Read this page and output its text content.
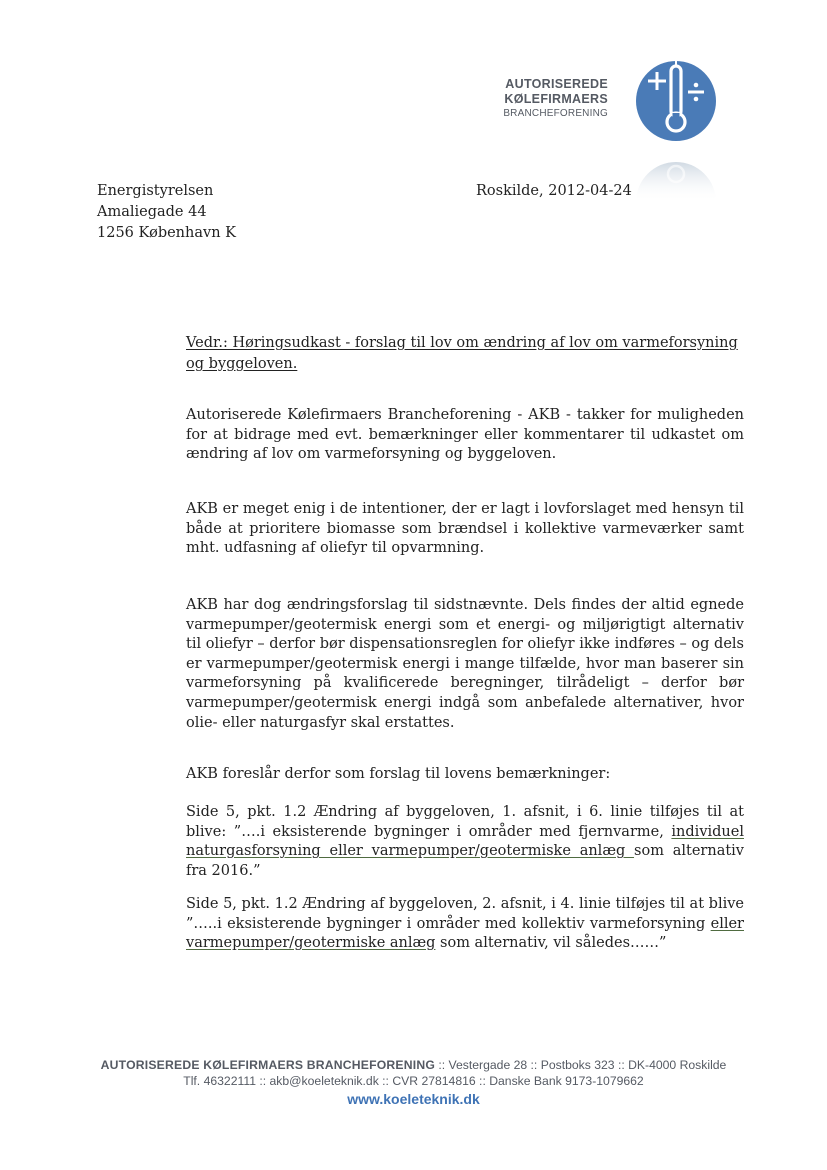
AUTORISEREDE
KØLEFIRMAERS
BRANCHEFORENING
Energistyrelsen
Amaliegade 44
1256 København K
Roskilde, 2012-04-24
Vedr.: Høringsudkast - forslag til lov om ændring af lov om varmeforsyning og byggeloven.
Autoriserede Kølefirmaers Brancheforening - AKB - takker for muligheden for at bidrage med evt. bemærkninger eller kommentarer til udkastet om ændring af lov om varmeforsyning og byggeloven.
AKB er meget enig i de intentioner, der er lagt i lovforslaget med hensyn til både at prioritere biomasse som brændsel i kollektive varmeværker samt mht. udfasning af oliefyr til opvarmning.
AKB har dog ændringsforslag til sidstnævnte. Dels findes der altid egnede varmepumper/geotermisk energi som et energi- og miljørigtigt alternativ til oliefyr – derfor bør dispensationsreglen for oliefyr ikke indføres – og dels er varmepumper/geotermisk energi i mange tilfælde, hvor man baserer sin varmeforsyning på kvalificerede beregninger, tilrådeligt – derfor bør varmepumper/geotermisk energi indgå som anbefalede alternativer, hvor olie- eller naturgasfyr skal erstattes.
AKB foreslår derfor som forslag til lovens bemærkninger:
Side 5, pkt. 1.2 Ændring af byggeloven, 1. afsnit, i 6. linie tilføjes til at blive: ”….i eksisterende bygninger i områder med fjernvarme, individuel naturgasforsyning eller varmepumper/geotermiske anlæg som alternativ fra 2016.”
Side 5, pkt. 1.2 Ændring af byggeloven, 2. afsnit, i 4. linie tilføjes til at blive ”…..i eksisterende bygninger i områder med kollektiv varmeforsyning eller varmepumper/geotermiske anlæg som alternativ, vil således……”
AUTORISEREDE KØLEFIRMAERS BRANCHEFORENING :: Vestergade 28 :: Postboks 323 :: DK-4000 Roskilde
Tlf. 46322111 :: akb@koeleteknik.dk :: CVR 27814816 :: Danske Bank 9173-1079662
www.koeleteknik.dk
